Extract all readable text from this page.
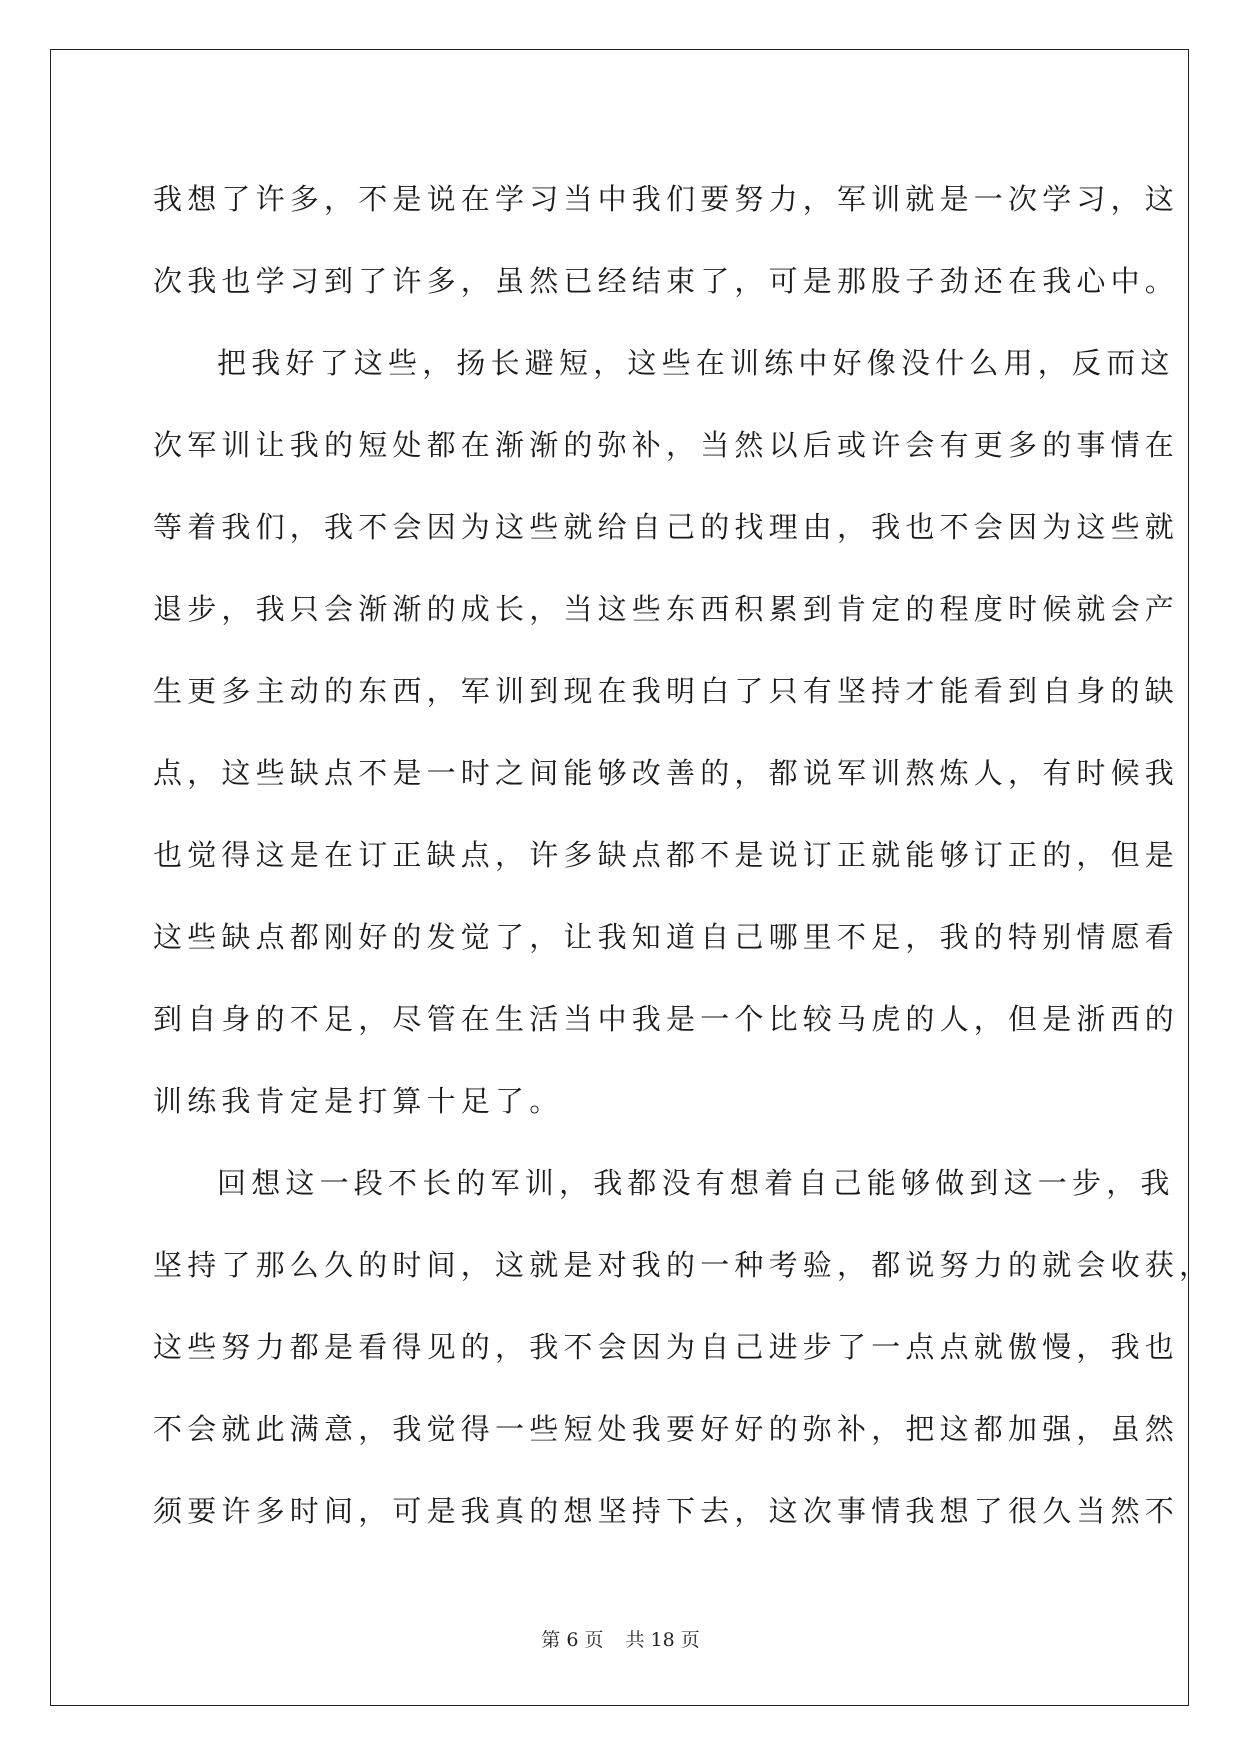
我想了许多，不是说在学习当中我们要努力，军训就是一次学习，这

次我也学习到了许多，虽然已经结束了，可是那股子劲还在我心中。

把我好了这些，扬长避短，这些在训练中好像没什么用，反而这

次军训让我的短处都在渐渐的弥补，当然以后或许会有更多的事情在

等着我们，我不会因为这些就给自己的找理由，我也不会因为这些就

退步，我只会渐渐的成长，当这些东西积累到肯定的程度时候就会产

生更多主动的东西，军训到现在我明白了只有坚持才能看到自身的缺

点，这些缺点不是一时之间能够改善的，都说军训熬炼人，有时候我

也觉得这是在订正缺点，许多缺点都不是说订正就能够订正的，但是

这些缺点都刚好的发觉了，让我知道自己哪里不足，我的特别情愿看

到自身的不足，尽管在生活当中我是一个比较马虎的人，但是浙西的

训练我肯定是打算十足了。

回想这一段不长的军训，我都没有想着自己能够做到这一步，我

坚持了那么久的时间，这就是对我的一种考验，都说努力的就会收获，

这些努力都是看得见的，我不会因为自己进步了一点点就傲慢，我也

不会就此满意，我觉得一些短处我要好好的弥补，把这都加强，虽然

须要许多时间，可是我真的想坚持下去，这次事情我想了很久当然不

第 6 页 共 18 页
